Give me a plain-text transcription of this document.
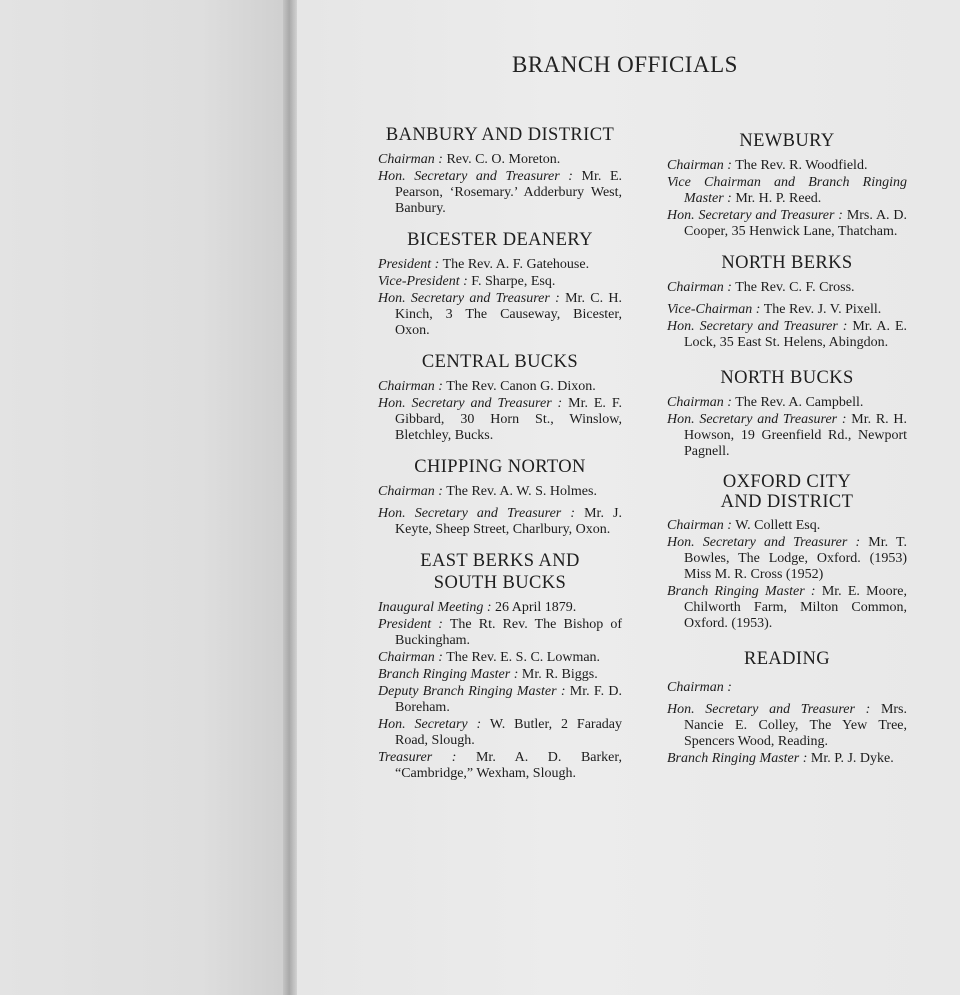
BRANCH OFFICIALS
BANBURY AND DISTRICT
Chairman : Rev. C. O. Moreton.
Hon. Secretary and Treasurer : Mr. E. Pearson, ‘Rosemary.’ Adderbury West, Banbury.
BICESTER DEANERY
President : The Rev. A. F. Gatehouse.
Vice-President : F. Sharpe, Esq.
Hon. Secretary and Treasurer : Mr. C. H. Kinch, 3 The Causeway, Bicester, Oxon.
CENTRAL BUCKS
Chairman : The Rev. Canon G. Dixon.
Hon. Secretary and Treasurer : Mr. E. F. Gibbard, 30 Horn St., Winslow, Bletchley, Bucks.
CHIPPING NORTON
Chairman : The Rev. A. W. S. Holmes.
Hon. Secretary and Treasurer : Mr. J. Keyte, Sheep Street, Charlbury, Oxon.
EAST BERKS AND SOUTH BUCKS
Inaugural Meeting : 26 April 1879.
President : The Rt. Rev. The Bishop of Buckingham.
Chairman : The Rev. E. S. C. Lowman.
Branch Ringing Master : Mr. R. Biggs.
Deputy Branch Ringing Master : Mr. F. D. Boreham.
Hon. Secretary : W. Butler, 2 Faraday Road, Slough.
Treasurer : Mr. A. D. Barker, “Cambridge,” Wexham, Slough.
NEWBURY
Chairman : The Rev. R. Woodfield.
Vice Chairman and Branch Ringing Master : Mr. H. P. Reed.
Hon. Secretary and Treasurer : Mrs. A. D. Cooper, 35 Henwick Lane, Thatcham.
NORTH BERKS
Chairman : The Rev. C. F. Cross.
Vice-Chairman : The Rev. J. V. Pixell.
Hon. Secretary and Treasurer : Mr. A. E. Lock, 35 East St. Helens, Abingdon.
NORTH BUCKS
Chairman : The Rev. A. Campbell.
Hon. Secretary and Treasurer : Mr. R. H. Howson, 19 Greenfield Rd., Newport Pagnell.
OXFORD CITY AND DISTRICT
Chairman : W. Collett Esq.
Hon. Secretary and Treasurer : Mr. T. Bowles, The Lodge, Oxford. (1953) Miss M. R. Cross (1952)
Branch Ringing Master : Mr. E. Moore, Chilworth Farm, Milton Common, Oxford. (1953).
READING
Chairman :
Hon. Secretary and Treasurer : Mrs. Nancie E. Colley, The Yew Tree, Spencers Wood, Reading.
Branch Ringing Master : Mr. P. J. Dyke.
